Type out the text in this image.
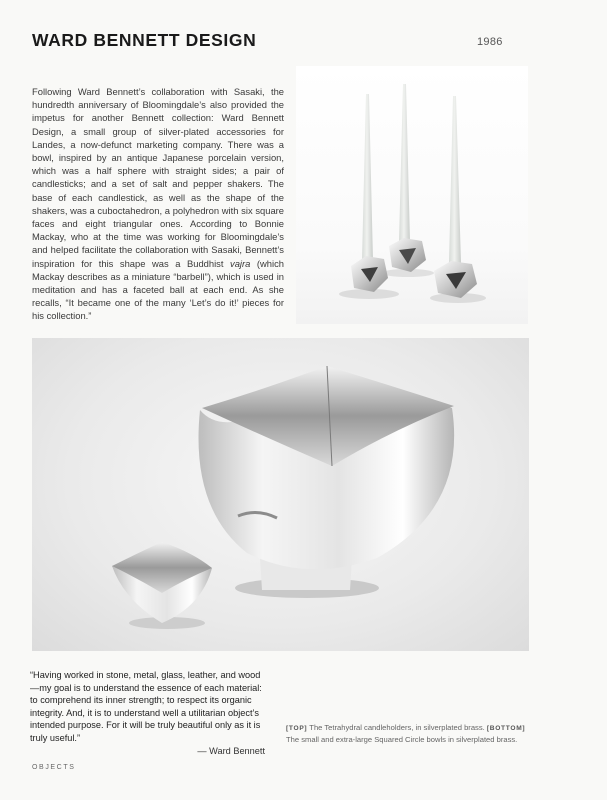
WARD BENNETT DESIGN	1986
Following Ward Bennett’s collaboration with Sasaki, the hundredth anniversary of Bloomingdale’s also provided the impetus for another Bennett collection: Ward Bennett Design, a small group of silver-plated accessories for Landes, a now-defunct marketing company. There was a bowl, inspired by an antique Japanese porcelain version, which was a half sphere with straight sides; a pair of candlesticks; and a set of salt and pepper shakers. The base of each candlestick, as well as the shape of the shakers, was a cuboctahedron, a polyhedron with six square faces and eight triangular ones. According to Bonnie Mackay, who at the time was working for Bloomingdale’s and helped facilitate the collaboration with Sasaki, Bennett’s inspiration for this shape was a Buddhist vajra (which Mackay describes as a miniature “barbell”), which is used in meditation and has a faceted ball at each end. As she recalls, “It became one of the many ‘Let’s do it!’ pieces for his collection.”
“Having worked in stone, metal, glass, leather, and wood—my goal is to understand the essence of each material: to comprehend its inner strength; to respect its organic integrity. And, it is to understand well a utilitarian object’s intended purpose. For it will be truly beautiful only as it is truly useful.”
— Ward Bennett
[TOP] The Tetrahydral candleholders, in silverplated brass. [BOTTOM] The small and extra-large Squared Circle bowls in silverplated brass.
OBJECTS
